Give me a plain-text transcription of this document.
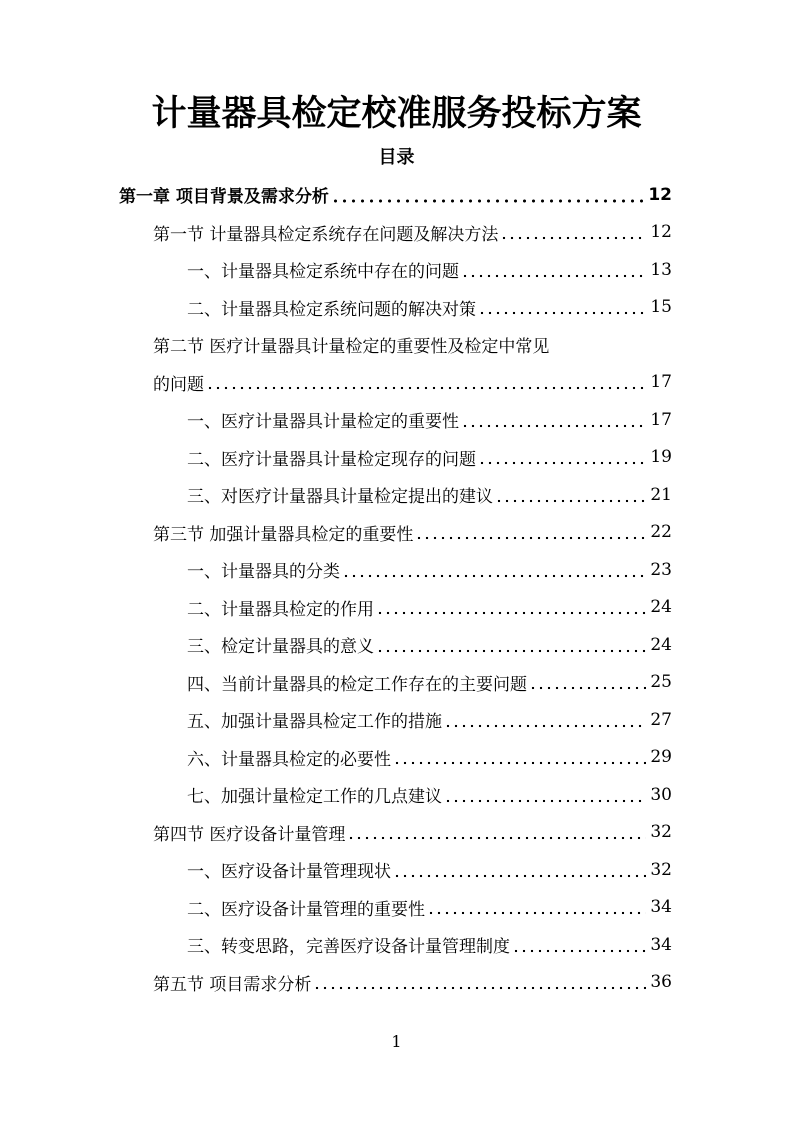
计量器具检定校准服务投标方案
目录
第一章 项目背景及需求分析	12
第一节 计量器具检定系统存在问题及解决方法	12
一、计量器具检定系统中存在的问题	13
二、计量器具检定系统问题的解决对策	15
第二节 医疗计量器具计量检定的重要性及检定中常见
的问题	17
一、医疗计量器具计量检定的重要性	17
二、医疗计量器具计量检定现存的问题	19
三、对医疗计量器具计量检定提出的建议	21
第三节 加强计量器具检定的重要性	22
一、计量器具的分类	23
二、计量器具检定的作用	24
三、检定计量器具的意义	24
四、当前计量器具的检定工作存在的主要问题	25
五、加强计量器具检定工作的措施	27
六、计量器具检定的必要性	29
七、加强计量检定工作的几点建议	30
第四节 医疗设备计量管理	32
一、医疗设备计量管理现状	32
二、医疗设备计量管理的重要性	34
三、转变思路，完善医疗设备计量管理制度	34
第五节 项目需求分析	36
1
